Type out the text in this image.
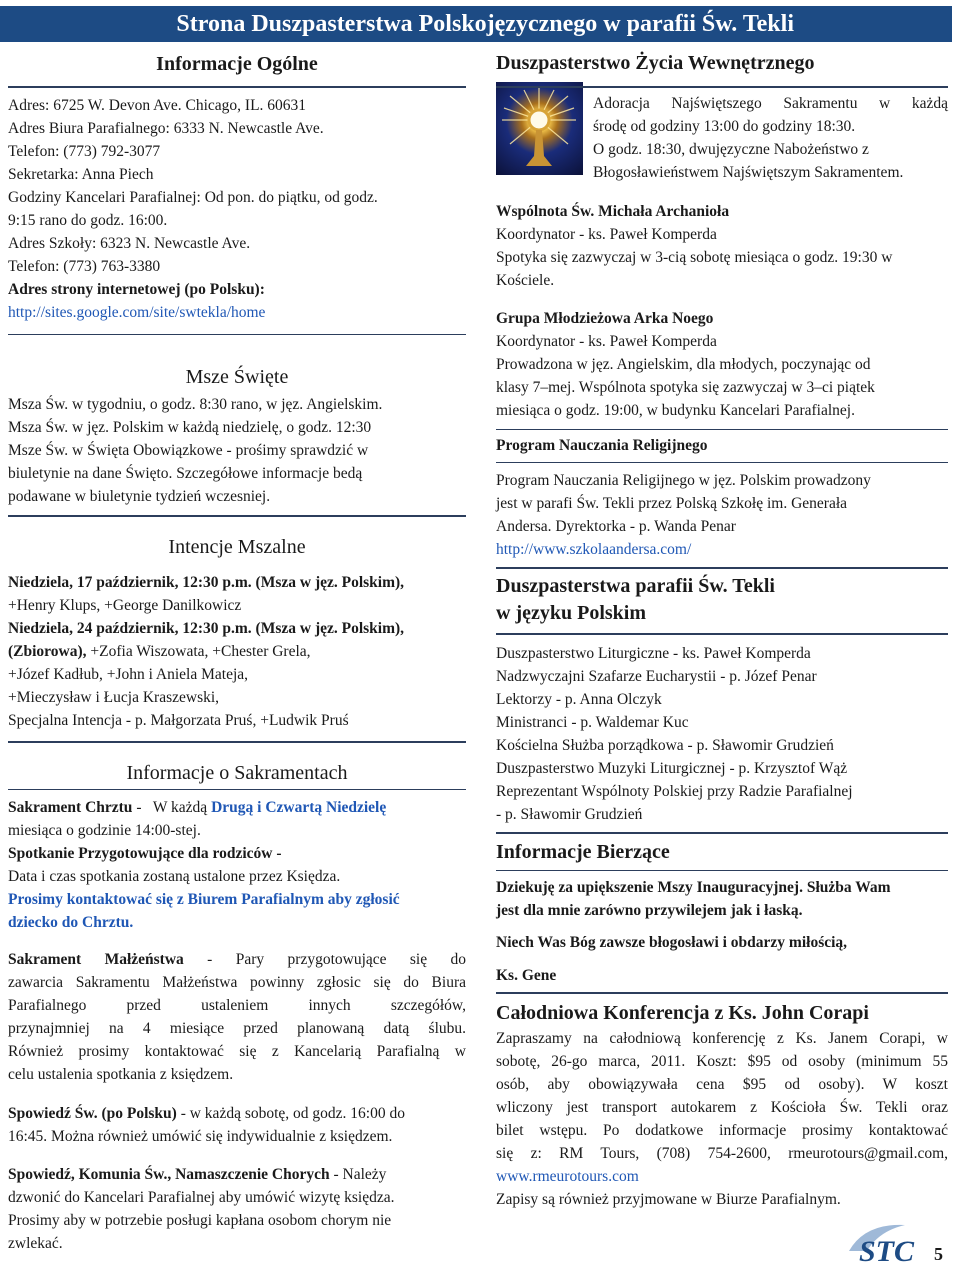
Strona Duszpasterstwa Polskojęzycznego w parafii Św. Tekli
Informacje Ogólne
Adres: 6725 W. Devon Ave. Chicago, IL. 60631
Adres Biura Parafialnego: 6333 N. Newcastle Ave.
Telefon: (773) 792-3077
Sekretarka: Anna Piech
Godziny Kancelari Parafialnej: Od pon. do piątku, od godz.
9:15 rano do godz. 16:00.
Adres Szkoły: 6323 N. Newcastle Ave.
Telefon: (773) 763-3380
Adres strony internetowej (po Polsku):
http://sites.google.com/site/swtekla/home
Msze Święte
Msza Św. w tygodniu, o godz. 8:30 rano, w jęz. Angielskim.
Msza Św. w jęz. Polskim w każdą niedzielę, o godz. 12:30
Msze Św. w Święta Obowiązkowe - prośimy sprawdzić w
biuletynie na dane Święto. Szczegółowe informacje bedą
podawane w biuletynie tydzień wczesniej.
Intencje Mszalne
Niedziela, 17 październik, 12:30 p.m. (Msza w jęz. Polskim),
+Henry Klups, +George Danilkowicz
Niedziela, 24 październik, 12:30 p.m. (Msza w jęz. Polskim),
(Zbiorowa), +Zofia Wiszowata, +Chester Grela,
+Józef Kadłub, +John i Aniela Mateja,
+Mieczysław i Łucja Kraszewski,
Specjalna Intencja - p. Małgorzata Pruś, +Ludwik Pruś
Informacje o Sakramentach
Sakrament Chrztu -   W każdą Drugą i Czwartą Niedzielę
miesiąca o godzinie 14:00-stej.
Spotkanie Przygotowujące dla rodziców -
Data i czas spotkania zostaną ustalone przez Księdza.
Prosimy kontaktować się z Biurem Parafialnym aby zgłosić
dziecko do Chrztu.
Sakrament Małżeństwa - Pary przygotowujące się do
zawarcia Sakramentu Małżeństwa powinny zgłosic się do Biura
Parafialnego przed ustaleniem innych szczegółów,
przynajmniej na 4 miesiące przed planowaną datą ślubu.
Również prosimy kontaktować się z Kancelarią Parafialną w
celu ustalenia spotkania z księdzem.
Spowiedź Św. (po Polsku) - w każdą sobotę, od godz. 16:00 do
16:45. Można również umówić się indywidualnie z księdzem.
Spowiedź, Komunia Św., Namaszczenie Chorych - Należy
dzwonić do Kancelari Parafialnej aby umówić wizytę księdza.
Prosimy aby w potrzebie posługi kapłana osobom chorym nie
zwlekać.
Duszpasterstwo Życia Wewnętrznego
Adoracja Najświętszego Sakramentu w każdą
środę od godziny 13:00 do godziny 18:30.
O godz. 18:30, dwujęzyczne Nabożeństwo z
Błogosławieństwem Najświętszym Sakramentem.
Wspólnota Św. Michała Archanioła
Koordynator - ks. Paweł Komperda
Spotyka się zazwyczaj w 3-cią sobotę miesiąca o godz. 19:30 w
Kościele.
Grupa Młodzieżowa Arka Noego
Koordynator - ks. Paweł Komperda
Prowadzona w jęz. Angielskim, dla młodych, poczynając od
klasy 7–mej. Wspólnota spotyka się zazwyczaj w 3–ci piątek
miesiąca o godz. 19:00, w budynku Kancelari Parafialnej.
Program Nauczania Religijnego
Program Nauczania Religijnego w jęz. Polskim prowadzony
jest w parafi Św. Tekli przez Polską Szkołę im. Generała
Andersa. Dyrektorka - p. Wanda Penar
http://www.szkolaandersa.com/
Duszpasterstwa parafii Św. Tekli
w języku Polskim
Duszpasterstwo Liturgiczne - ks. Paweł Komperda
Nadzwyczajni Szafarze Eucharystii - p. Józef Penar
Lektorzy - p. Anna Olczyk
Ministranci - p. Waldemar Kuc
Kościelna Służba porządkowa - p. Sławomir Grudzień
Duszpasterstwo Muzyki Liturgicznej - p. Krzysztof Wąż
Reprezentant Wspólnoty Polskiej przy Radzie Parafialnej
- p. Sławomir Grudzień
Informacje Bierzące
Dziekuję za upiększenie Mszy Inauguracyjnej. Służba Wam
jest dla mnie zarówno przywilejem jak i łaską.
Niech Was Bóg zawsze błogosławi i obdarzy miłością,
Ks. Gene
Całodniowa Konferencja z Ks. John Corapi
Zapraszamy na całodniową konferencję z Ks. Janem Corapi, w
sobotę, 26-go marca, 2011. Koszt: $95 od osoby (minimum 55
osób, aby obowiązywała cena $95 od osoby). W koszt
wliczony jest transport autokarem z Kościoła Św. Tekli oraz
bilet wstępu. Po dodatkowe informacje prosimy kontaktować
się z: RM Tours, (708) 754-2600, rmeurotours@gmail.com,
www.rmeurotours.com
Zapisy są również przyjmowane w Biurze Parafialnym.
STC 5
